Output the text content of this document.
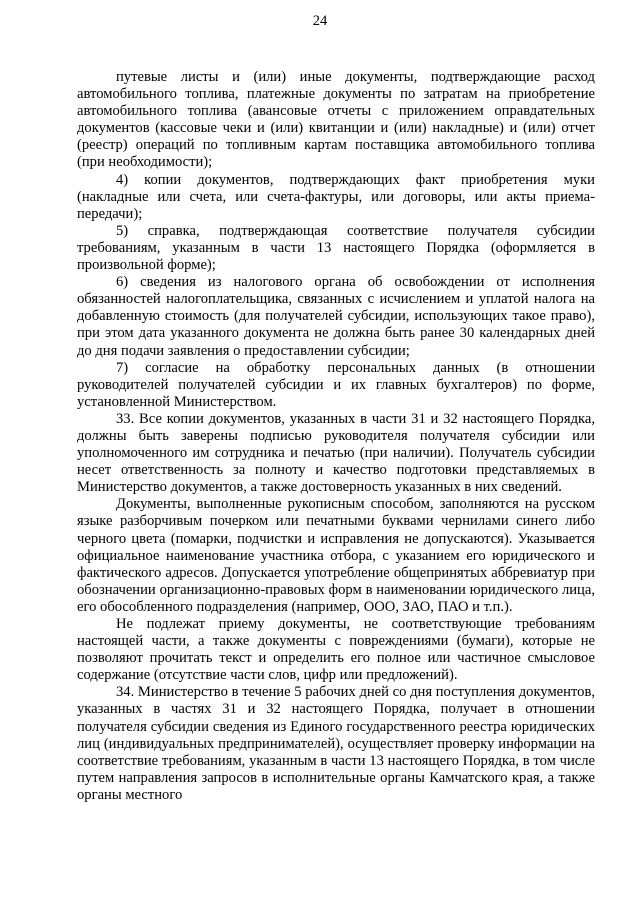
24

путевые листы и (или) иные документы, подтверждающие расход автомобильного топлива, платежные документы по затратам на приобретение автомобильного топлива (авансовые отчеты с приложением оправдательных документов (кассовые чеки и (или) квитанции и (или) накладные) и (или) отчет (реестр) операций по топливным картам поставщика автомобильного топлива (при необходимости);

4) копии документов, подтверждающих факт приобретения муки (накладные или счета, или счета-фактуры, или договоры, или акты приема-передачи);

5) справка, подтверждающая соответствие получателя субсидии требованиям, указанным в части 13 настоящего Порядка (оформляется в произвольной форме);

6) сведения из налогового органа об освобождении от исполнения обязанностей налогоплательщика, связанных с исчислением и уплатой налога на добавленную стоимость (для получателей субсидии, использующих такое право), при этом дата указанного документа не должна быть ранее 30 календарных дней до дня подачи заявления о предоставлении субсидии;

7) согласие на обработку персональных данных (в отношении руководителей получателей субсидии и их главных бухгалтеров) по форме, установленной Министерством.

33. Все копии документов, указанных в части 31 и 32 настоящего Порядка, должны быть заверены подписью руководителя получателя субсидии или уполномоченного им сотрудника и печатью (при наличии). Получатель субсидии несет ответственность за полноту и качество подготовки представляемых в Министерство документов, а также достоверность указанных в них сведений.

Документы, выполненные рукописным способом, заполняются на русском языке разборчивым почерком или печатными буквами чернилами синего либо черного цвета (помарки, подчистки и исправления не допускаются). Указывается официальное наименование участника отбора, с указанием его юридического и фактического адресов. Допускается употребление общепринятых аббревиатур при обозначении организационно-правовых форм в наименовании юридического лица, его обособленного подразделения (например, ООО, ЗАО, ПАО и т.п.).

Не подлежат приему документы, не соответствующие требованиям настоящей части, а также документы с повреждениями (бумаги), которые не позволяют прочитать текст и определить его полное или частичное смысловое содержание (отсутствие части слов, цифр или предложений).

34. Министерство в течение 5 рабочих дней со дня поступления документов, указанных в частях 31 и 32 настоящего Порядка, получает в отношении получателя субсидии сведения из Единого государственного реестра юридических лиц (индивидуальных предпринимателей), осуществляет проверку информации на соответствие требованиям, указанным в части 13 настоящего Порядка, в том числе путем направления запросов в исполнительные органы Камчатского края, а также органы местного
